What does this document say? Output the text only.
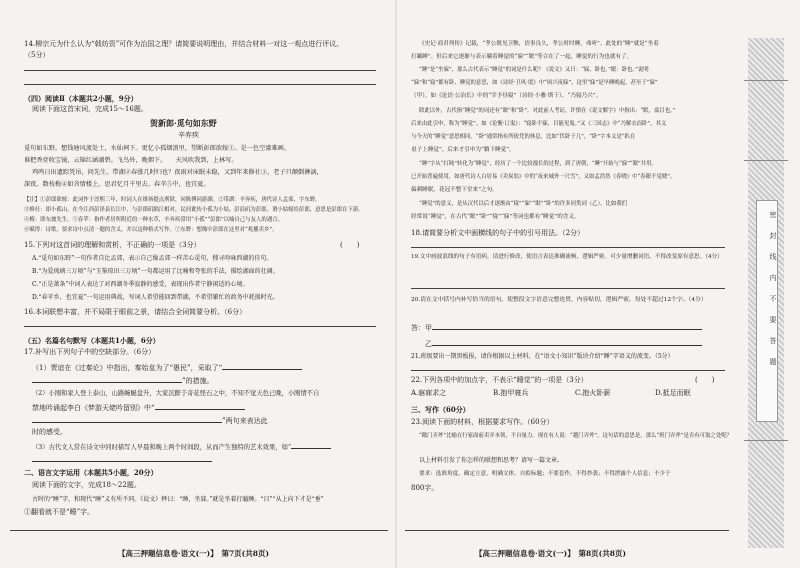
14.柳宗元为什么认为“戟纺资”可作为治国之理？请简要说明理由，并结合材料一对这一观点进行评议。
（5分）
（四）阅读Ⅱ（本题共2小题，9分）
阅读下面这首宋词，完成15～16题。
贺新郎·觅句如东野
辛弃疾
觅句如东野。想钱塘风流处士，水仙祠下。更忆小孤烟浪里，望断彭郎欲嫁①。是一色空濛难画。
谁把香奁收宝镜，云锦红涵湖碧。飞鸟外，晚烟下。　　天风吹我到，上林写。
鸡鸣日出遗踪凭吊，问先生，带湖②春涨几时归也？夜雨对床眠未稳，又到年来修社③，老子只颠倒淋漓，
深夜。数枝梅④如含情楼上，思君忆月千里去。春苹⑤中，也宜夏。
【注】①彭郎欲嫁：此词作于淳熙三年，时词人在维扬提点刑狱，同陈傅同游湖。②带湖：辛弃疾，唐代诗人孟郊，字东野。
③修社：即小孤山，在今江西彭泽县长江中，与彭郎矶隔江相对，民间讹传小孤为小姑，彭浪矶为彭郎，谓小姑嫁给彭郎，意思是彭郎在下游。
④梅：即东坡先生。⑤春苹：指作者居所附近的一种水草，辛弃疾常用“小孤”“彭郎”以喻自己与友人的遇合。
⑥赋得：诗歌，要求诗中点清一题的含义，并以这种格式写作。⑦东野：想像中彭郎在这里对“兆播卖乡”。
15.下列对这首词的理解和赏析，不正确的一项是（3分）	(　　)
A.“觅句如东野”一句作者自比孟郊，表示自己像孟郊一样苦心觅句，搜寻吟咏西湖的佳句。
B.“为爱琉璃三万顷”与“玉鉴琼田三万顷”一句都运用了比喻和夸张的手法，描绘湖面的壮阔。
C.“正是萧条”中词人表达了对西湖冬季寂静的感受，表现出作者宁静闲适的心境。
D.“春苹乡，也宜夏”一句运用典故，写词人希望能回到带湖，不希望繁忙的政务中耗损时光。
16.本词联想丰富，并不局限于眼前之景，请结合全词简要分析。（6分）
（五）名篇名句默写（本题共1小题，6分）
17.补写出下列句子中的空缺部分。（6分）
（1）贾谊在《过秦论》中指出，秦始皇为了“愚民”，采取了“
”的措施。
（2）小刚和家人登上泰山，山路蜿蜒盘升，大家沉醉于奇花怪石之中，不知不觉天色已晚，小刚情不自
禁地吟诵起李白《梦游天姥吟留别》中“
”两句来表达此
时的感受。
（3）古代文人常在诗文中同时描写人早晨和晚上两个时间段，从而产生独特的艺术效果，如“
二、语言文字运用（本题共5小题，20分）
阅读下面的文字，完成18～22题。
古时的“睡”字，和现代“睡”义有所不同。《说文》释曰：“睡，坐寐。”就是坐着打瞌睡。“目”“从上向下才是“垂”
①翻看就不是“睡”字。
【高三押题信息卷·语文(一)】　 第7页(共8页)
《史记·商君列传》记载，“孝公既见卫鞅，语事良久，孝公时时睡，弗听”。此处的“睡”就是“坐着
打瞌睡”。但后来它逐渐与表示躺着睡觉的“寐”“眠”等合在了一起，睡觉的行为也就有了。
“睡”是“坐寐”，那么古代表示“睡觉”的词是什么呢？《说文》又曰：“寐，卧也。”眠：卧也。”说明
“寐”和“寝”都有卧、睡觉的意思，如《诗经·卫风·氓》中“夙兴夜寐”，这里“寐”是早睡晚起，甚至于“寐”
（甲），如《论语·公冶长》中的“宰予昼寝”（诗经·小雅·斯干），“乃寝乃兴”。
除此以外，古代指“睡觉”的词还有“眠”和“卧”。对此前人考证，许慎在《说文解字》中指出：“眠，翕目也。”
后来由此引申，称为“睡觉”。如《论衡·订鬼》：“寝卧不寐，目能见鬼。”又《三国志》中“乃解衣而卧”，其义
与今天的“睡觉”意思相同。“卧”通常指有所依凭的休息，比如“伏卧于几”，“卧”字本义是“趴在
桌子上睡觉”，后来才引申为“躺下睡觉”。
“睡”字从“打盹”转化为“睡觉”，经历了一个比较漫长的过程，到了唐朝，“睡”开始与“寐”“眠”并用。
已开始普遍使用，如唐代诗人白居易《卖炭翁》中的“夜来城外一尺雪”，又如孟浩然《春晓》中“春眠不觉晓”。
偏刺睡眠，花冠不整下堂来”之句。
“睡觉”的意义，是从汉代以后才逐渐由“寝”“寐”“眠”“卧”的许多同类词（乙），比如我们
经常说“睡觉”，在古代“眠”“卧”“寝”“寐”等词也都有“睡觉”的含义。
18.请简要分析文中画横线的句子中的引号用法。（2分）
19.文中画波浪线的句子有语病，请进行修改，使语言表达准确流畅，逻辑严密。可少量增删词语，不得改变原有意思。（4分）
20.请在文中括号内补写恰当的语句，使整段文字语意完整连贯，内容贴切，逻辑严密，每处不超过12个字。（4分）
答：甲
乙
21.班级要出一期黑板报，请你根据以上材料，在“语文小知识”版块介绍“睡”字语义的流变。（5分）
22.下列各项中的加点字，不表示“睡觉”的一项是（3分）	(　　)
A.寤寐求之	B.抱甲寝兵	C.抱火卧薪	D.抵足而眠
三、写作（60分）
23.阅读下面的材料，根据要求写作。（60分）
“敞门弄斧”比喻在行家面前卖弄本领，不自量力。现在有人说：“越门弄斧”，这句话的意思是，那么“班门弄斧”是否有可取之处呢？
以上材料引发了你怎样的联想和思考？请写一篇文章。
要求：选准角度，确定立意，明确文体，自拟标题；不要套作，不得抄袭；不得泄露个人信息；不少于
800字。
【高三押题信息卷·语文(一)】　 第8页(共8页)
密封线内不要答题
